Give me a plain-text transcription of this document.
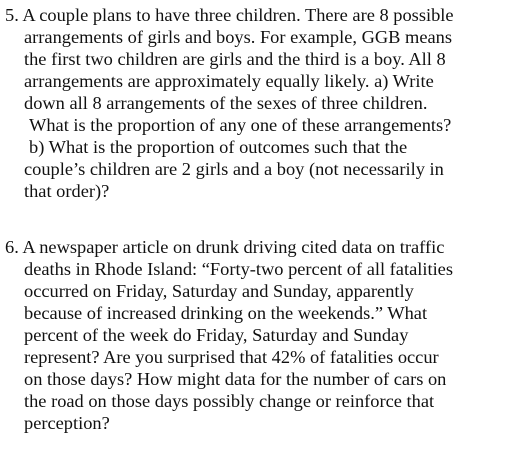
5. A couple plans to have three children. There are 8 possible
arrangements of girls and boys. For example, GGB means
the first two children are girls and the third is a boy. All 8
arrangements are approximately equally likely. a) Write
down all 8 arrangements of the sexes of three children.
What is the proportion of any one of these arrangements?
b) What is the proportion of outcomes such that the
couple’s children are 2 girls and a boy (not necessarily in
that order)?
6. A newspaper article on drunk driving cited data on traffic
deaths in Rhode Island: “Forty-two percent of all fatalities
occurred on Friday, Saturday and Sunday, apparently
because of increased drinking on the weekends.” What
percent of the week do Friday, Saturday and Sunday
represent? Are you surprised that 42% of fatalities occur
on those days? How might data for the number of cars on
the road on those days possibly change or reinforce that
perception?
